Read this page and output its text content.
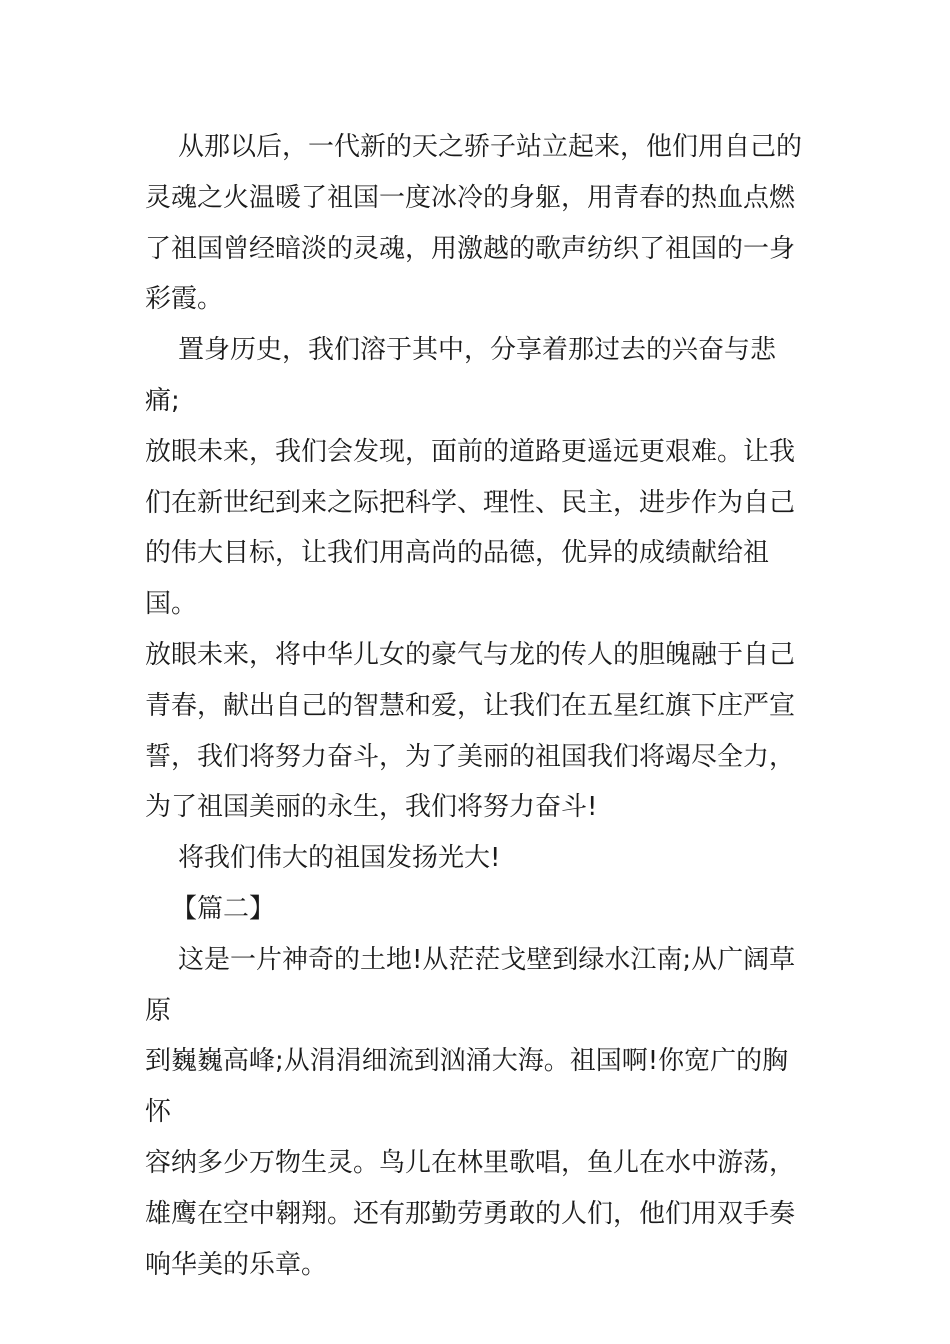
从那以后，一代新的天之骄子站立起来，他们用自己的
灵魂之火温暖了祖国一度冰冷的身躯，用青春的热血点燃
了祖国曾经暗淡的灵魂，用激越的歌声纺织了祖国的一身
彩霞。

置身历史，我们溶于其中，分享着那过去的兴奋与悲痛;
放眼未来，我们会发现，面前的道路更遥远更艰难。让我
们在新世纪到来之际把科学、理性、民主，进步作为自己
的伟大目标，让我们用高尚的品德，优异的成绩献给祖国。
放眼未来，将中华儿女的豪气与龙的传人的胆魄融于自己
青春，献出自己的智慧和爱，让我们在五星红旗下庄严宣
誓，我们将努力奋斗，为了美丽的祖国我们将竭尽全力，
为了祖国美丽的永生，我们将努力奋斗!

将我们伟大的祖国发扬光大!

【篇二】

这是一片神奇的土地!从茫茫戈壁到绿水江南;从广阔草原
到巍巍高峰;从涓涓细流到汹涌大海。祖国啊!你宽广的胸怀
容纳多少万物生灵。鸟儿在林里歌唱，鱼儿在水中游荡，
雄鹰在空中翱翔。还有那勤劳勇敢的人们，他们用双手奏
响华美的乐章。
